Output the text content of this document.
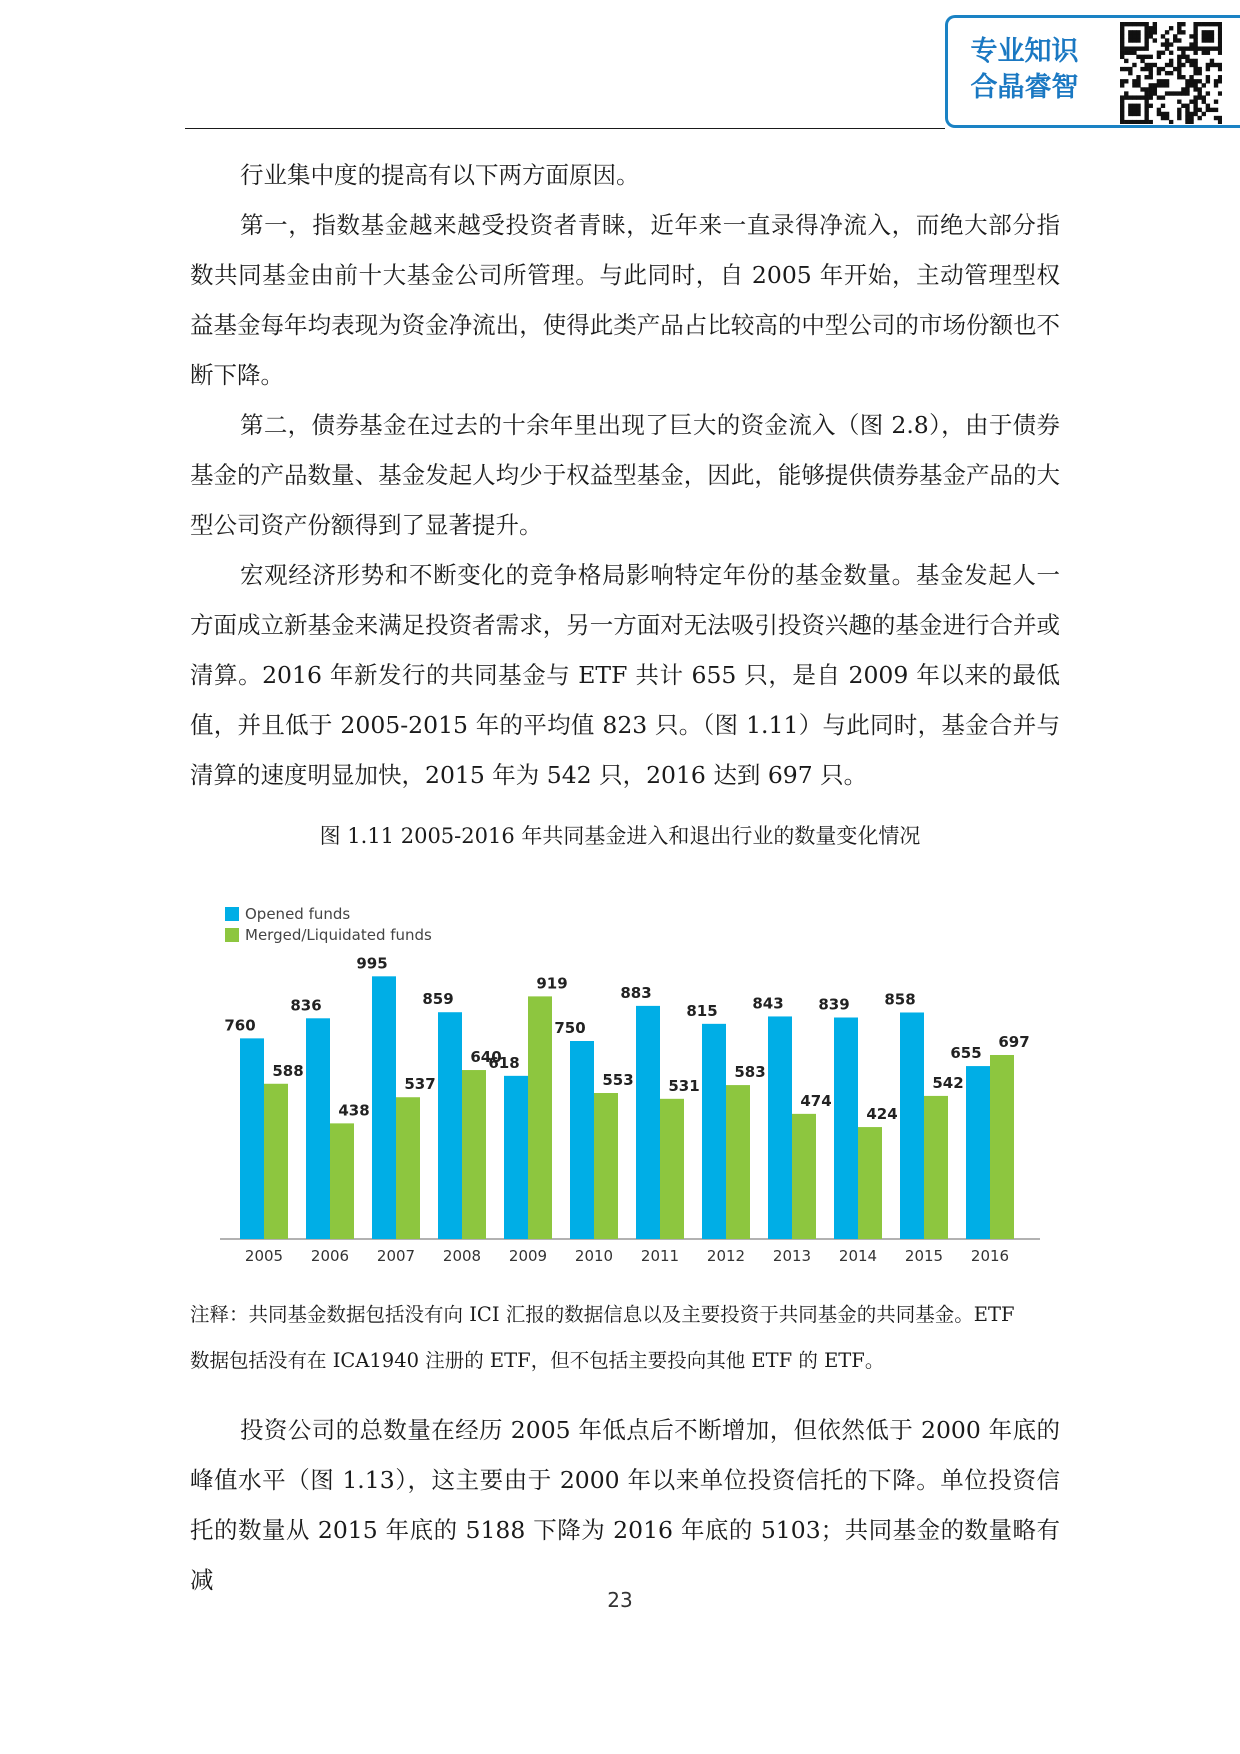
专业知识
合晶睿智

行业集中度的提高有以下两方面原因。

第一，指数基金越来越受投资者青睐，近年来一直录得净流入，而绝大部分指数共同基金由前十大基金公司所管理。与此同时，自 2005 年开始，主动管理型权益基金每年均表现为资金净流出，使得此类产品占比较高的中型公司的市场份额也不断下降。

第二，债券基金在过去的十余年里出现了巨大的资金流入（图 2.8），由于债券基金的产品数量、基金发起人均少于权益型基金，因此，能够提供债券基金产品的大型公司资产份额得到了显著提升。

宏观经济形势和不断变化的竞争格局影响特定年份的基金数量。基金发起人一方面成立新基金来满足投资者需求，另一方面对无法吸引投资兴趣的基金进行合并或清算。2016 年新发行的共同基金与 ETF 共计 655 只，是自 2009 年以来的最低值，并且低于 2005-2015 年的平均值 823 只。（图 1.11）与此同时，基金合并与清算的速度明显加快，2015 年为 542 只，2016 达到 697 只。

图 1.11 2005-2016 年共同基金进入和退出行业的数量变化情况
Opened funds
Merged/Liquidated funds
760
588
2005
836
438
2006
995
537
2007
859
640
2008
618
919
2009
750
553
2010
883
531
2011
815
583
2012
843
474
2013
839
424
2014
858
542
2015
655
697
2016

注释：共同基金数据包括没有向 ICI 汇报的数据信息以及主要投资于共同基金的共同基金。ETF

数据包括没有在 ICA1940 注册的 ETF，但不包括主要投向其他 ETF 的 ETF。

投资公司的总数量在经历 2005 年低点后不断增加，但依然低于 2000 年底的峰值水平（图 1.13），这主要由于 2000 年以来单位投资信托的下降。单位投资信托的数量从 2015 年底的 5188 下降为 2016 年底的 5103；共同基金的数量略有减

23
